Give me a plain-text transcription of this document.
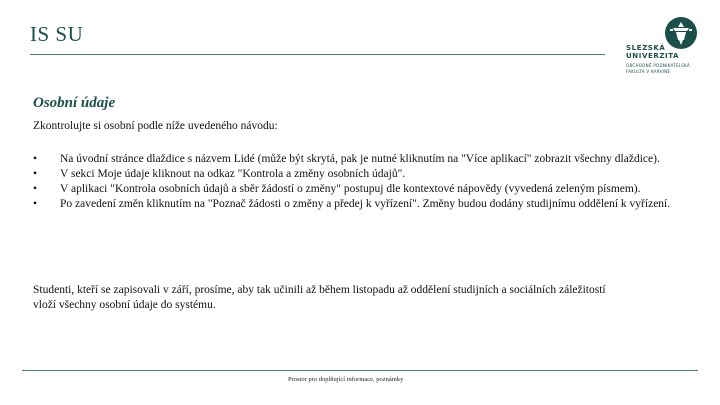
IS SU
SLEZSKÁ
UNIVERZITA
OBCHODNĚ PODNIKATELSKÁ
FAKULTA V KARVINÉ
Osobní údaje
Zkontrolujte si osobní podle níže uvedeného návodu:
•	Na úvodní stránce dlaždice s názvem Lidé (může být skrytá, pak je nutné kliknutím na "Více aplikací" zobrazit všechny dlaždice).
•	V sekci Moje údaje kliknout na odkaz "Kontrola a změny osobních údajů".
•	V aplikaci "Kontrola osobních údajů a sběr žádostí o změny" postupuj dle kontextové nápovědy (vyvedená zeleným písmem).
•	Po zavedení změn kliknutím na "Poznač žádosti o změny a předej k vyřízení". Změny budou dodány studijnímu oddělení k vyřízení.
Studenti, kteří se zapisovali v září, prosíme, aby tak učinili až během listopadu až oddělení studijních a sociálních záležitostí vloží všechny osobní údaje do systému.
Prostor pro doplňující informace, poznámky
